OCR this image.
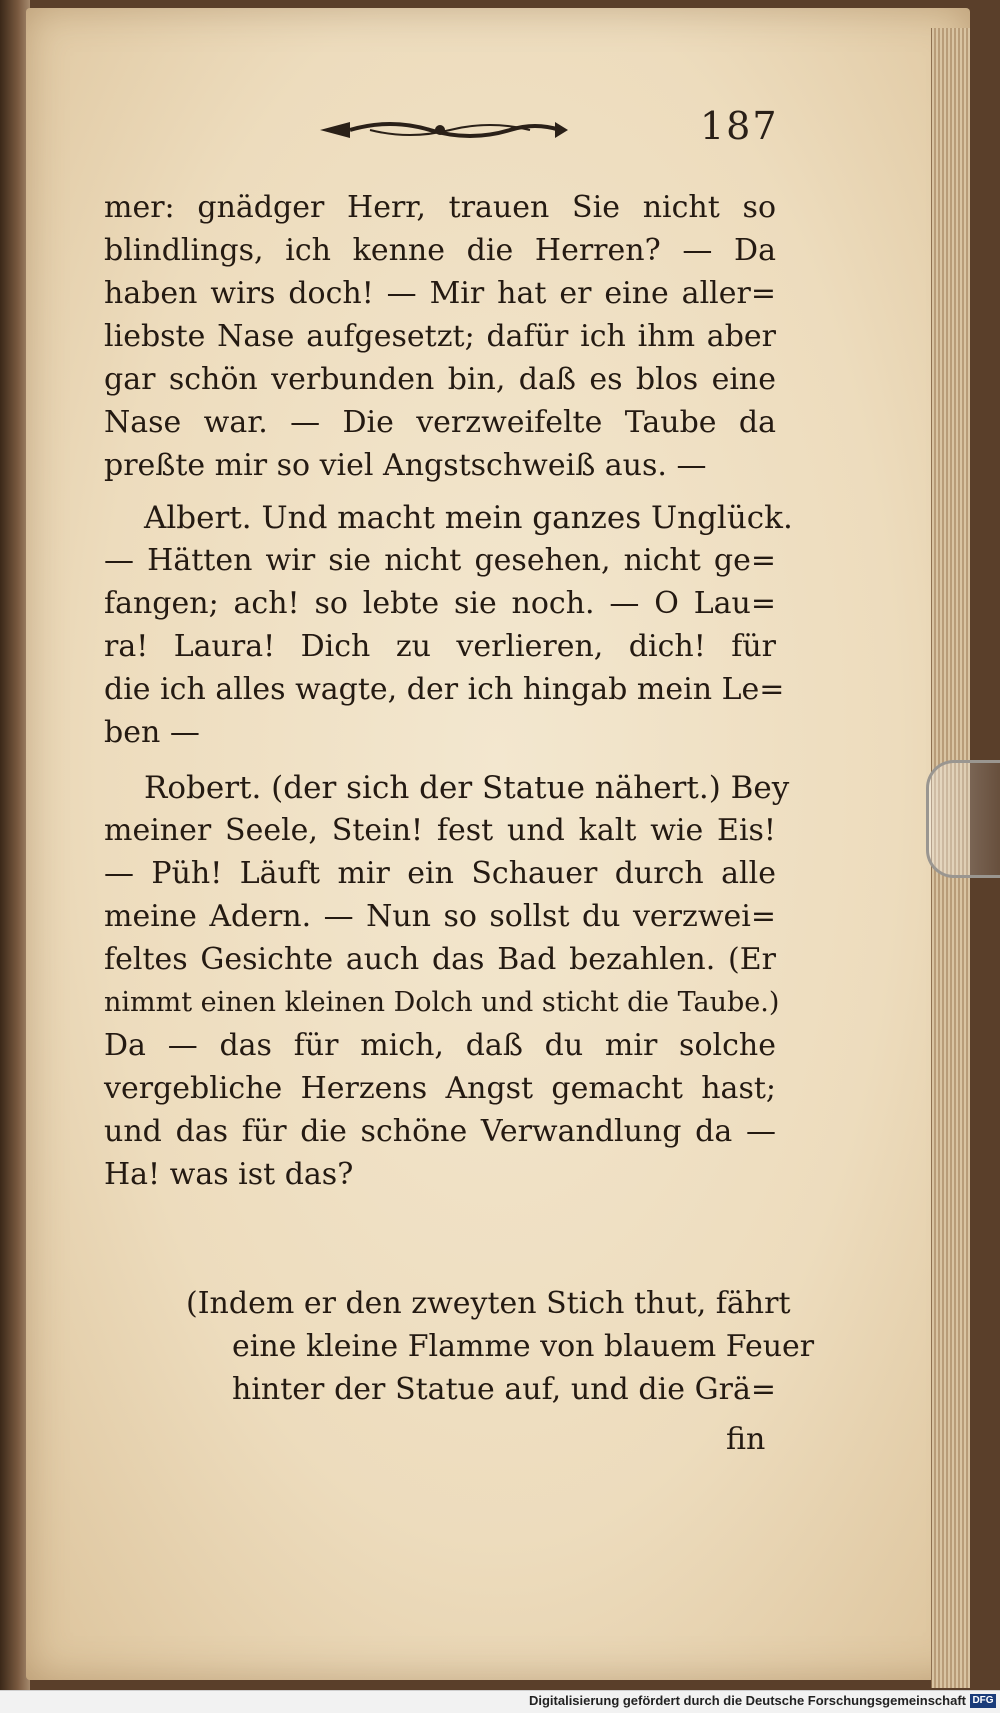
187
mer: gnädger Herr, trauen Sie nicht so
blindlings, ich kenne die Herren? — Da
haben wirs doch! — Mir hat er eine aller=
liebste Nase aufgesetzt; dafür ich ihm aber
gar schön verbunden bin, daß es blos eine
Nase war. — Die verzweifelte Taube da
preßte mir so viel Angstschweiß aus. —
Albert. Und macht mein ganzes Unglück.
— Hätten wir sie nicht gesehen, nicht ge=
fangen; ach! so lebte sie noch. — O Lau=
ra! Laura! Dich zu verlieren, dich! für
die ich alles wagte, der ich hingab mein Le=
ben —
Robert. (der sich der Statue nähert.) Bey
meiner Seele, Stein! fest und kalt wie Eis!
— Püh! Läuft mir ein Schauer durch alle
meine Adern. — Nun so sollst du verzwei=
feltes Gesichte auch das Bad bezahlen. (Er
nimmt einen kleinen Dolch und sticht die Taube.)
Da — das für mich, daß du mir solche
vergebliche Herzens Angst gemacht hast;
und das für die schöne Verwandlung da —
Ha! was ist das?
(Indem er den zweyten Stich thut, fährt
eine kleine Flamme von blauem Feuer
hinter der Statue auf, und die Grä=
fin
Digitalisierung gefördert durch die Deutsche Forschungsgemeinschaft DFG
